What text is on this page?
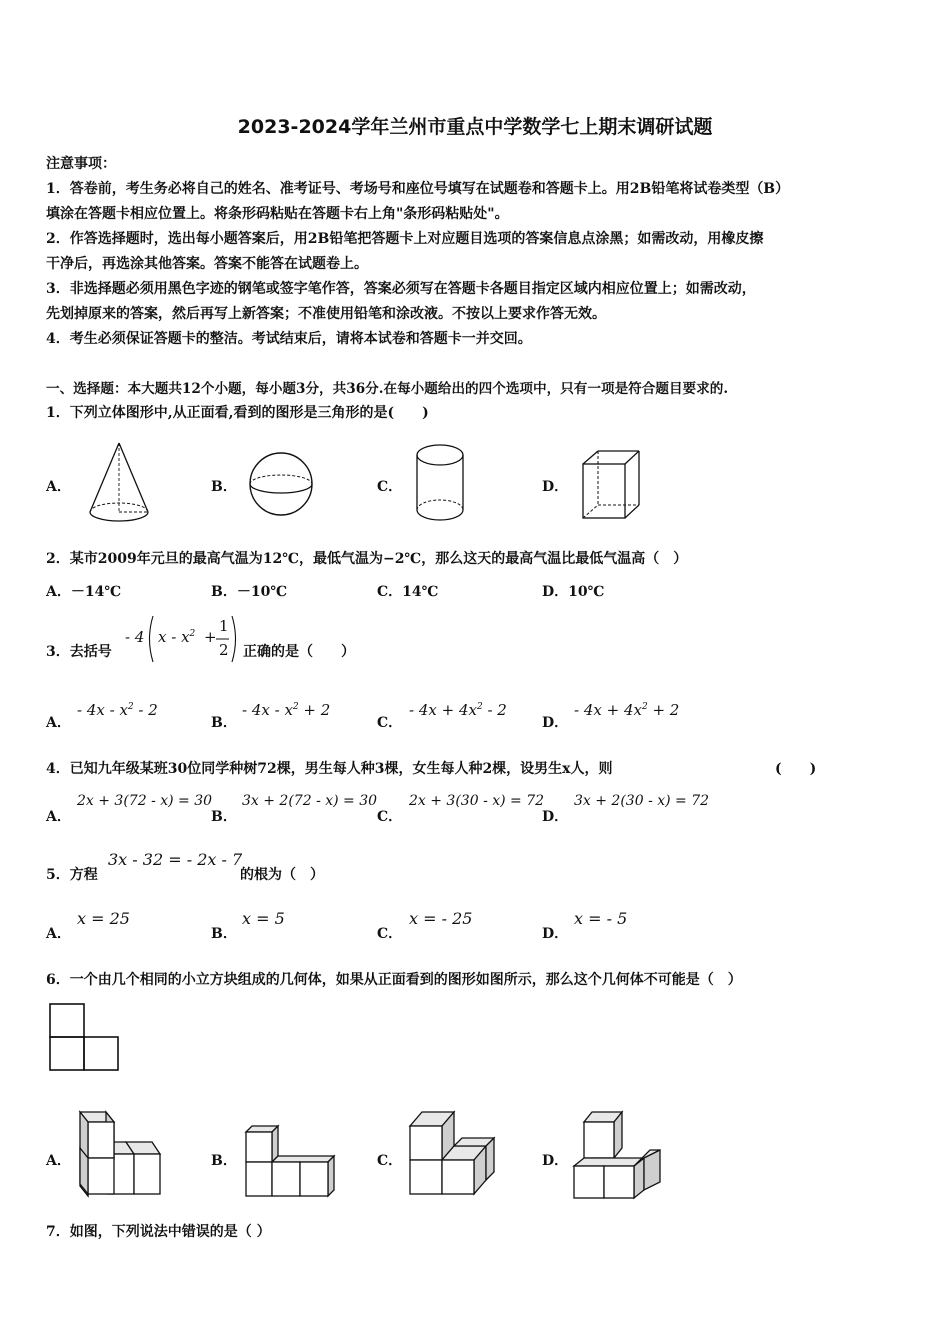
2023-2024学年兰州市重点中学数学七上期末调研试题
注意事项：
1．答卷前，考生务必将自己的姓名、准考证号、考场号和座位号填写在试题卷和答题卡上。用2B铅笔将试卷类型（B）
填涂在答题卡相应位置上。将条形码粘贴在答题卡右上角"条形码粘贴处"。
2．作答选择题时，选出每小题答案后，用2B铅笔把答题卡上对应题目选项的答案信息点涂黑；如需改动，用橡皮擦
干净后，再选涂其他答案。答案不能答在试题卷上。
3．非选择题必须用黑色字迹的钢笔或签字笔作答，答案必须写在答题卡各题目指定区域内相应位置上；如需改动，
先划掉原来的答案，然后再写上新答案；不准使用铅笔和涂改液。不按以上要求作答无效。
4．考生必须保证答题卡的整洁。考试结束后，请将本试卷和答题卡一并交回。
一、选择题：本大题共12个小题，每小题3分，共36分.在每小题给出的四个选项中，只有一项是符合题目要求的.
1．下列立体图形中,从正面看,看到的图形是三角形的是(　　)
A．	B．	C．	D．
2．某市2009年元旦的最高气温为12℃，最低气温为−2℃，那么这天的最高气温比最低气温高（　）
A．－14℃	B．－10℃	C．14℃	D．10℃
3．去括号
- 4 x - $x^2$ +
1
2 正确的是（　　）
A．
- $4x - x^2 - 2$
B．
- $4x - x^2 + 2$
C．
- $4x + 4x^2 - 2$
D．
- $4x + 4x^2 + 2$
4．已知九年级某班30位同学种树72棵，男生每人种3棵，女生每人种2棵，设男生x人，则	(　　)
A．
2x + 3(72 - x) = 30
B．
3x + 2(72 - x) = 30
C．
2x + 3(30 - x) = 72
D．
3x + 2(30 - x) = 72
5．方程
3x - 32 = - 2x - 7
的根为（　）
A．
x = 25
B．
x = 5
C．
x = - 25
D．
x = - 5
6．一个由几个相同的小立方块组成的几何体，如果从正面看到的图形如图所示，那么这个几何体不可能是（　）
A．	B．	C．	D．
7．如图，下列说法中错误的是（ ）
